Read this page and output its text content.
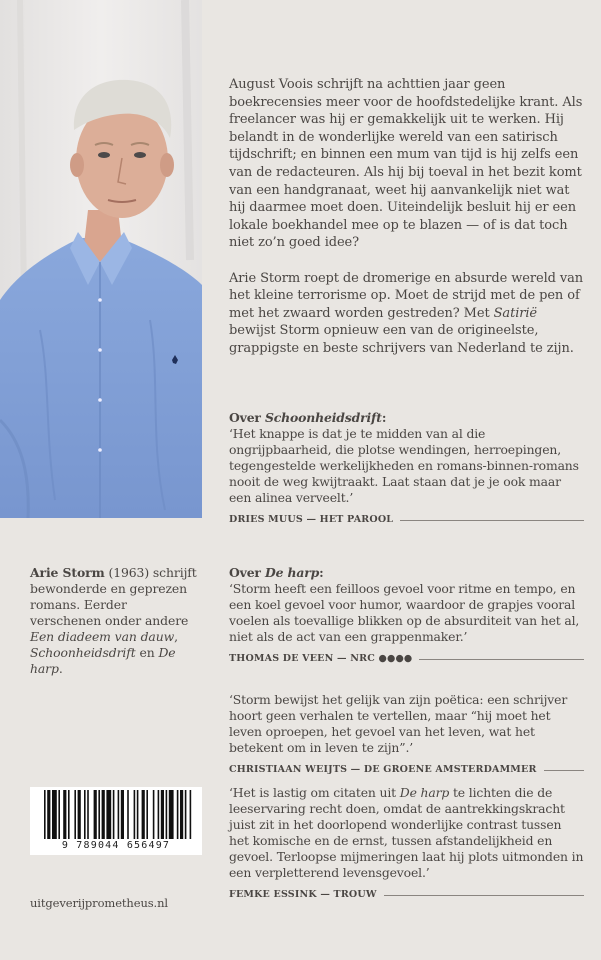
August Voois schrijft na achttien jaar geen boekrecensies meer voor de hoofdstedelijke krant. Als freelancer was hij er gemakkelijk uit te werken. Hij belandt in de wonderlijke wereld van een satirisch tijdschrift; en binnen een mum van tijd is hij zelfs een van de redacteuren. Als hij bij toeval in het bezit komt van een handgranaat, weet hij aanvankelijk niet wat hij daarmee moet doen. Uiteindelijk besluit hij er een lokale boekhandel mee op te blazen — of is dat toch niet zo’n goed idee?

Arie Storm roept de dromerige en absurde wereld van het kleine terrorisme op. Moet de strijd met de pen of met het zwaard worden gestreden? Met Satirië bewijst Storm opnieuw een van de origineelste, grappigste en beste schrijvers van Nederland te zijn.

Over Schoonheidsdrift:

‘Het knappe is dat je te midden van al die ongrijpbaarheid, die plotse wendingen, herroepingen, tegengestelde werkelijkheden en romans-binnen-romans nooit de weg kwijtraakt. Laat staan dat je je ook maar een alinea verveelt.’

DRIES MUUS — HET PAROOL

Over De harp:

‘Storm heeft een feilloos gevoel voor ritme en tempo, en een koel gevoel voor humor, waardoor de grapjes vooral voelen als toevallige blikken op de absurditeit van het al, niet als de act van een grappenmaker.’

THOMAS DE VEEN — NRC ●●●●

‘Storm bewijst het gelijk van zijn poëtica: een schrijver hoort geen verhalen te vertellen, maar “hij moet het leven oproepen, het gevoel van het leven, wat het betekent om in leven te zijn”.’

CHRISTIAAN WEIJTS — DE GROENE AMSTERDAMMER

‘Het is lastig om citaten uit De harp te lichten die de leeservaring recht doen, omdat de aantrekkingskracht juist zit in het doorlopend wonderlijke contrast tussen het komische en de ernst, tussen afstandelijkheid en gevoel. Terloopse mijmeringen laat hij plots uitmonden in een verpletterend levensgevoel.’

FEMKE ESSINK — TROUW
Arie Storm (1963) schrijft bewonderde en geprezen romans. Eerder verschenen onder andere Een diadeem van dauw, Schoonheidsdrift en De harp.
9 789044 656497
uitgeverijprometheus.nl
